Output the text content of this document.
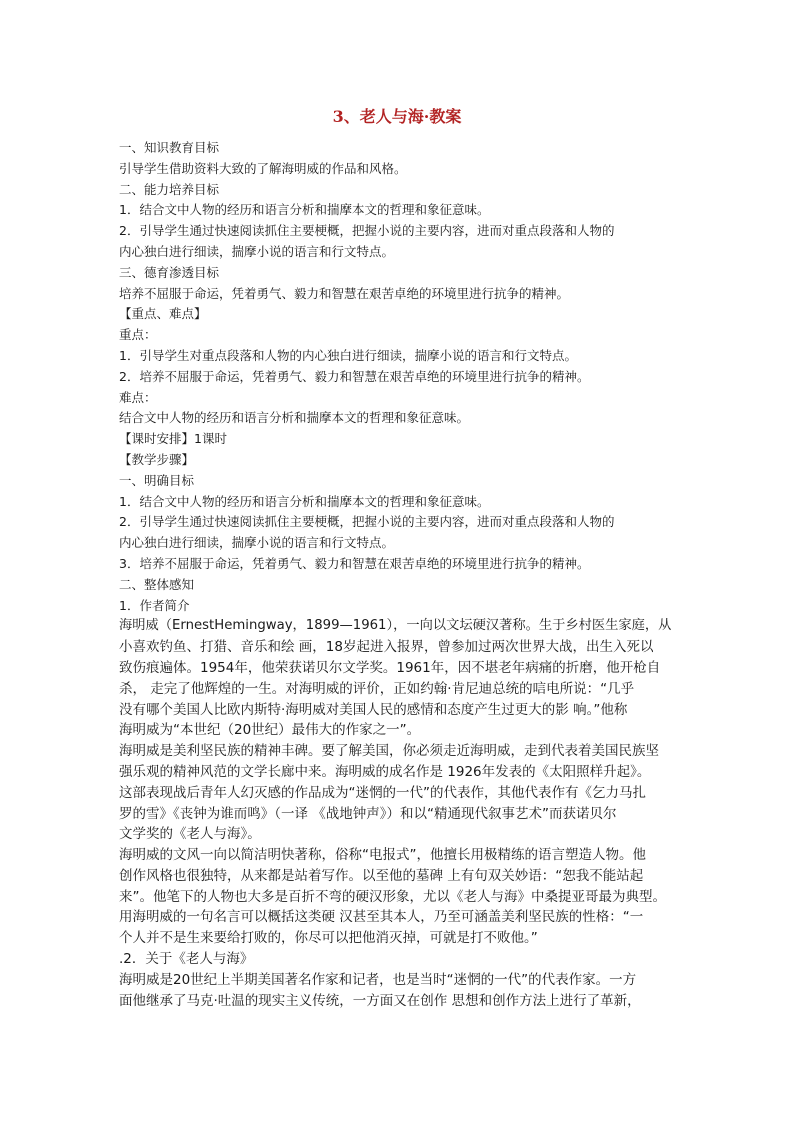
3、老人与海·教案
一、知识教育目标
引导学生借助资料大致的了解海明威的作品和风格。
二、能力培养目标
1．结合文中人物的经历和语言分析和揣摩本文的哲理和象征意味。
2．引导学生通过快速阅读抓住主要梗概，把握小说的主要内容，进而对重点段落和人物的
内心独白进行细读，揣摩小说的语言和行文特点。
三、德育渗透目标
培养不屈服于命运，凭着勇气、毅力和智慧在艰苦卓绝的环境里进行抗争的精神。
【重点、难点】
重点：
1．引导学生对重点段落和人物的内心独白进行细读，揣摩小说的语言和行文特点。
2．培养不屈服于命运，凭着勇气、毅力和智慧在艰苦卓绝的环境里进行抗争的精神。
难点：
结合文中人物的经历和语言分析和揣摩本文的哲理和象征意味。
【课时安排】1课时
【教学步骤】
一、明确目标
1．结合文中人物的经历和语言分析和揣摩本文的哲理和象征意味。
2．引导学生通过快速阅读抓住主要梗概，把握小说的主要内容，进而对重点段落和人物的
内心独白进行细读，揣摩小说的语言和行文特点。
3．培养不屈服于命运，凭着勇气、毅力和智慧在艰苦卓绝的环境里进行抗争的精神。
二、整体感知
1．作者简介
海明威（ErnestHemingway，1899—1961），一向以文坛硬汉著称。生于乡村医生家庭，从
小喜欢钓鱼、打猎、音乐和绘 画，18岁起进入报界，曾参加过两次世界大战，出生入死以
致伤痕遍体。1954年，他荣获诺贝尔文学奖。1961年，因不堪老年病痛的折磨，他开枪自
杀， 走完了他辉煌的一生。对海明威的评价，正如约翰·肯尼迪总统的唁电所说：“几乎
没有哪个美国人比欧内斯特·海明威对美国人民的感情和态度产生过更大的影 响。”他称
海明威为“本世纪（20世纪）最伟大的作家之一”。
海明威是美利坚民族的精神丰碑。要了解美国，你必须走近海明威，走到代表着美国民族坚
强乐观的精神风范的文学长廊中来。海明威的成名作是 1926年发表的《太阳照样升起》。
这部表现战后青年人幻灭感的作品成为“迷惘的一代”的代表作，其他代表作有《乞力马扎
罗的雪》《丧钟为谁而鸣》（一译 《战地钟声》）和以“精通现代叙事艺术”而获诺贝尔
文学奖的《老人与海》。
海明威的文风一向以简洁明快著称，俗称“电报式”，他擅长用极精练的语言塑造人物。他
创作风格也很独特，从来都是站着写作。以至他的墓碑 上有句双关妙语：“恕我不能站起
来”。他笔下的人物也大多是百折不弯的硬汉形象，尤以《老人与海》中桑提亚哥最为典型。
用海明威的一句名言可以概括这类硬 汉甚至其本人，乃至可涵盖美利坚民族的性格：“一
个人并不是生来要给打败的，你尽可以把他消灭掉，可就是打不败他。”
.2．关于《老人与海》
海明威是20世纪上半期美国著名作家和记者，也是当时“迷惘的一代”的代表作家。一方
面他继承了马克·吐温的现实主义传统，一方面又在创作 思想和创作方法上进行了革新，
